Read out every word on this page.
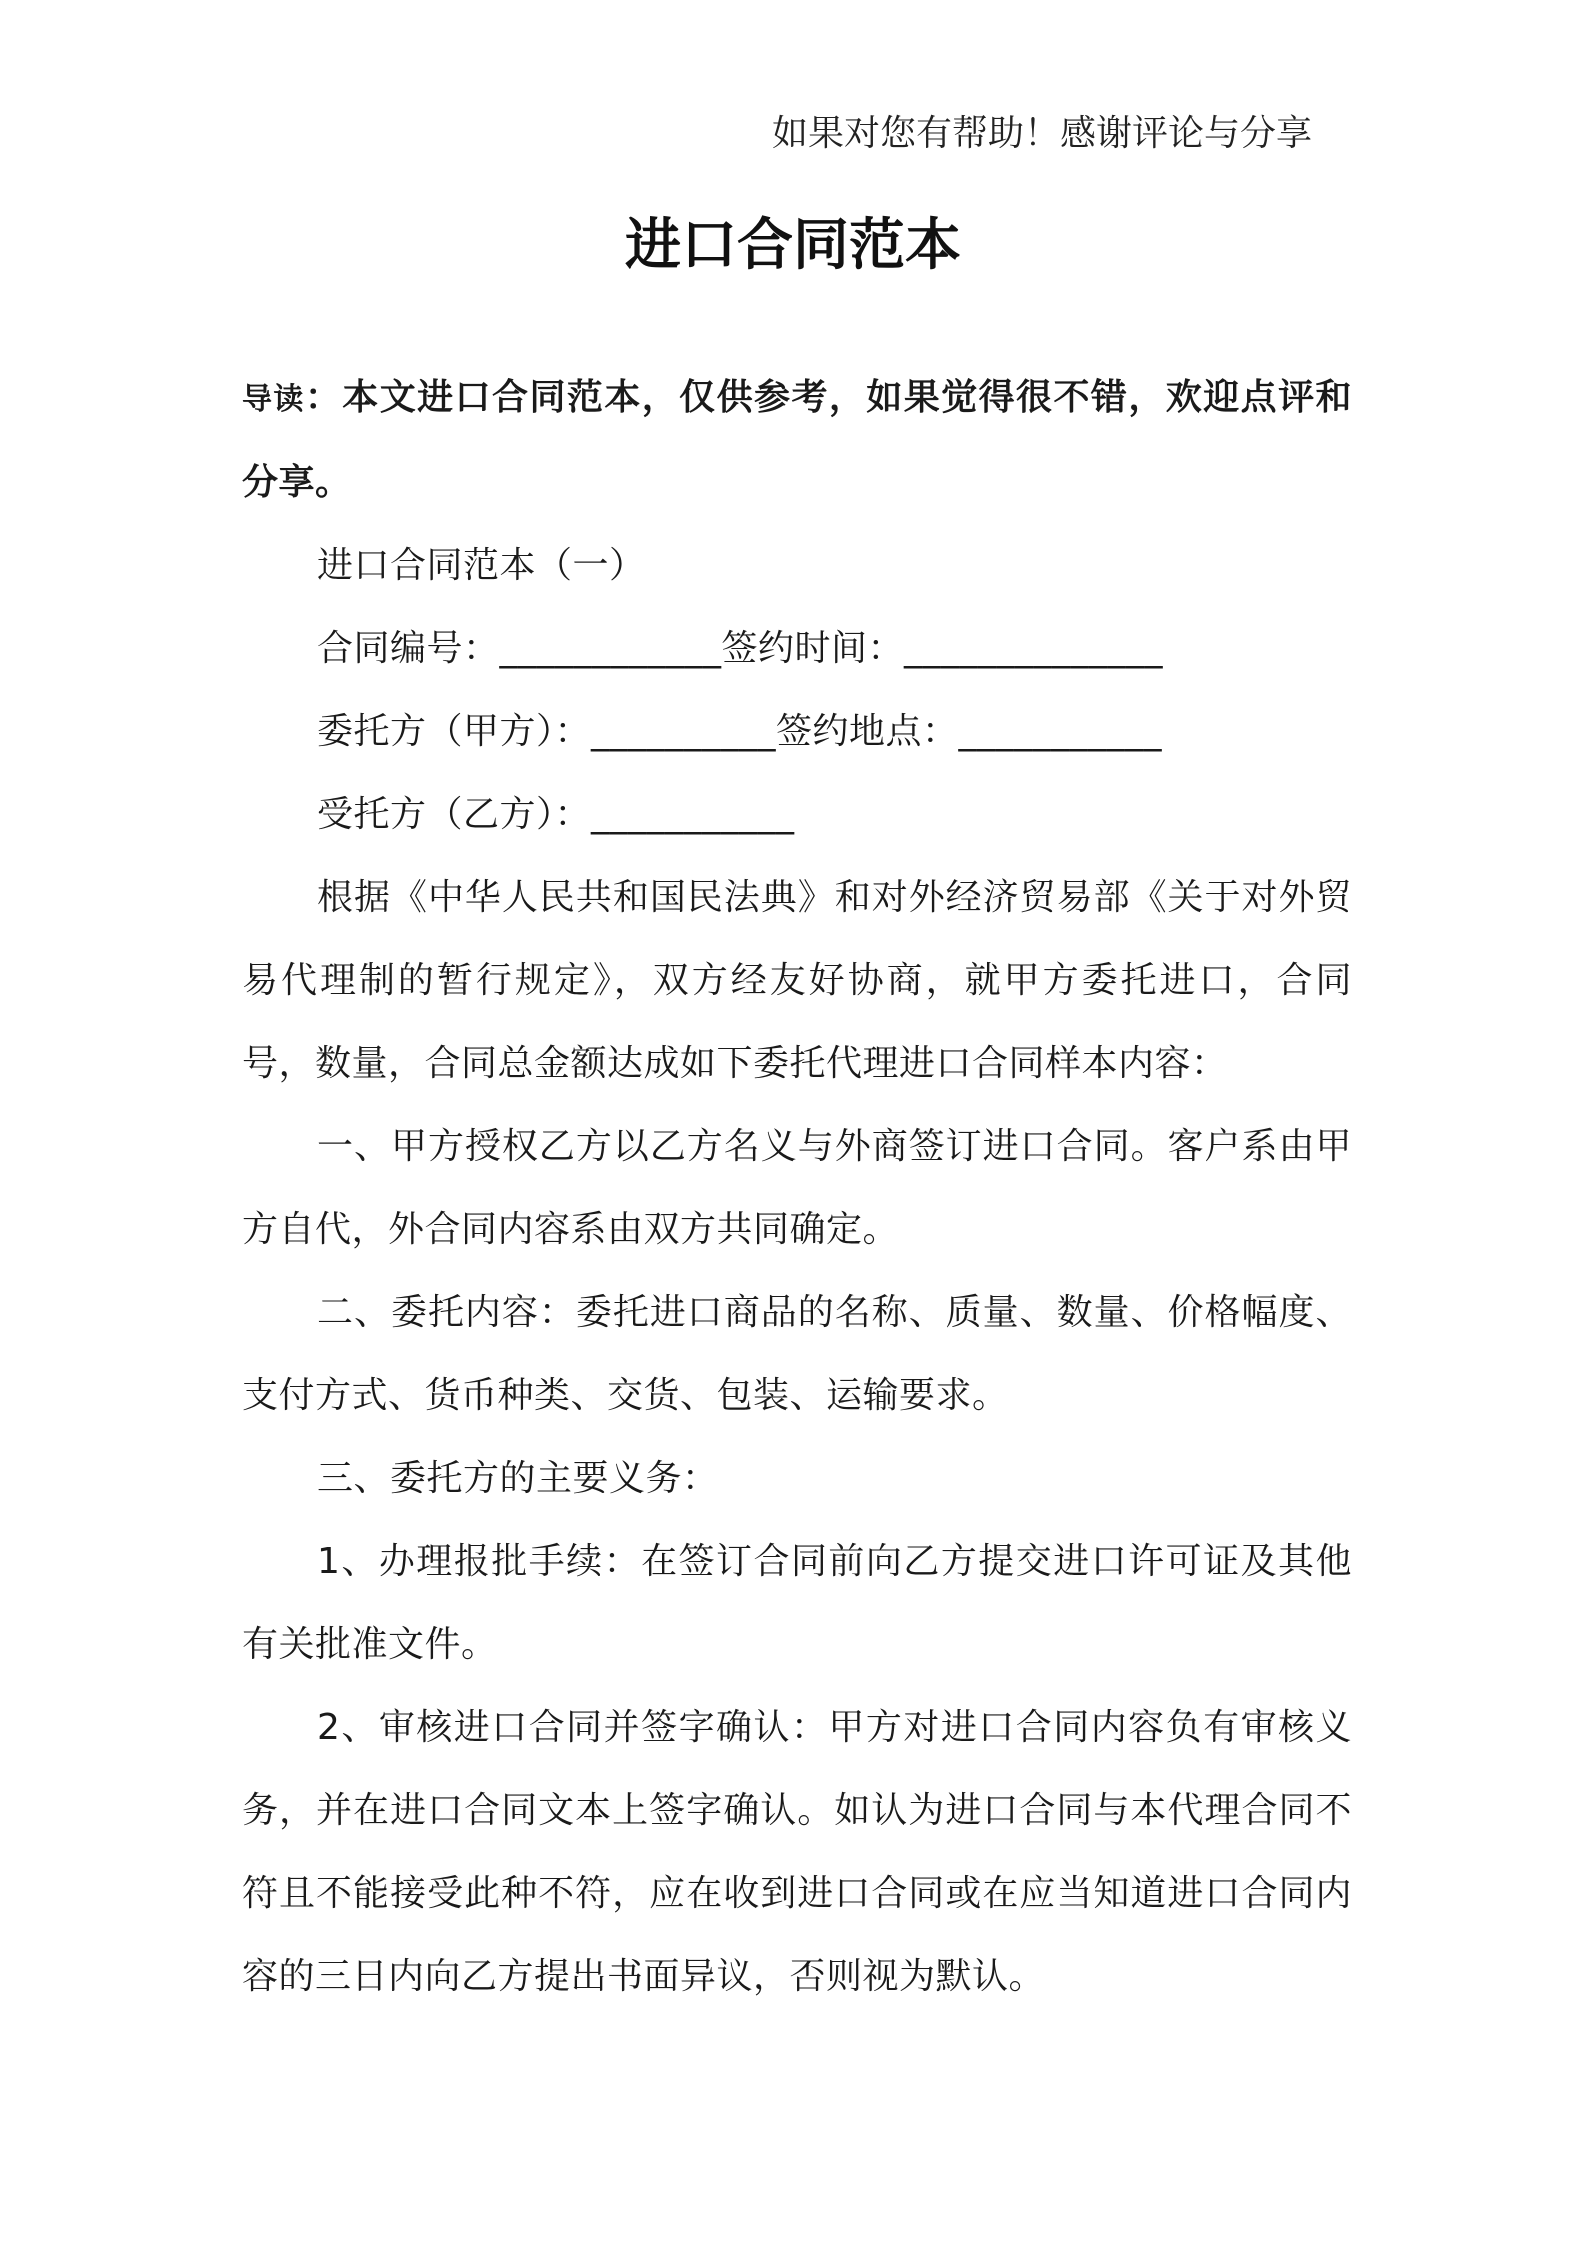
如果对您有帮助！感谢评论与分享
进口合同范本

导读：本文进口合同范本，仅供参考，如果觉得很不错，欢迎点评和分享。

进口合同范本（一）

合同编号：____________签约时间：______________

委托方（甲方）：__________签约地点：___________

受托方（乙方）：___________

根据《中华人民共和国民法典》和对外经济贸易部《关于对外贸易代理制的暂行规定》，双方经友好协商，就甲方委托进口，合同号，数量，合同总金额达成如下委托代理进口合同样本内容：

一、甲方授权乙方以乙方名义与外商签订进口合同。客户系由甲方自代，外合同内容系由双方共同确定。

二、委托内容：委托进口商品的名称、质量、数量、价格幅度、支付方式、货币种类、交货、包装、运输要求。

三、委托方的主要义务：

1、办理报批手续：在签订合同前向乙方提交进口许可证及其他有关批准文件。

2、审核进口合同并签字确认：甲方对进口合同内容负有审核义务，并在进口合同文本上签字确认。如认为进口合同与本代理合同不符且不能接受此种不符，应在收到进口合同或在应当知道进口合同内容的三日内向乙方提出书面异议，否则视为默认。
